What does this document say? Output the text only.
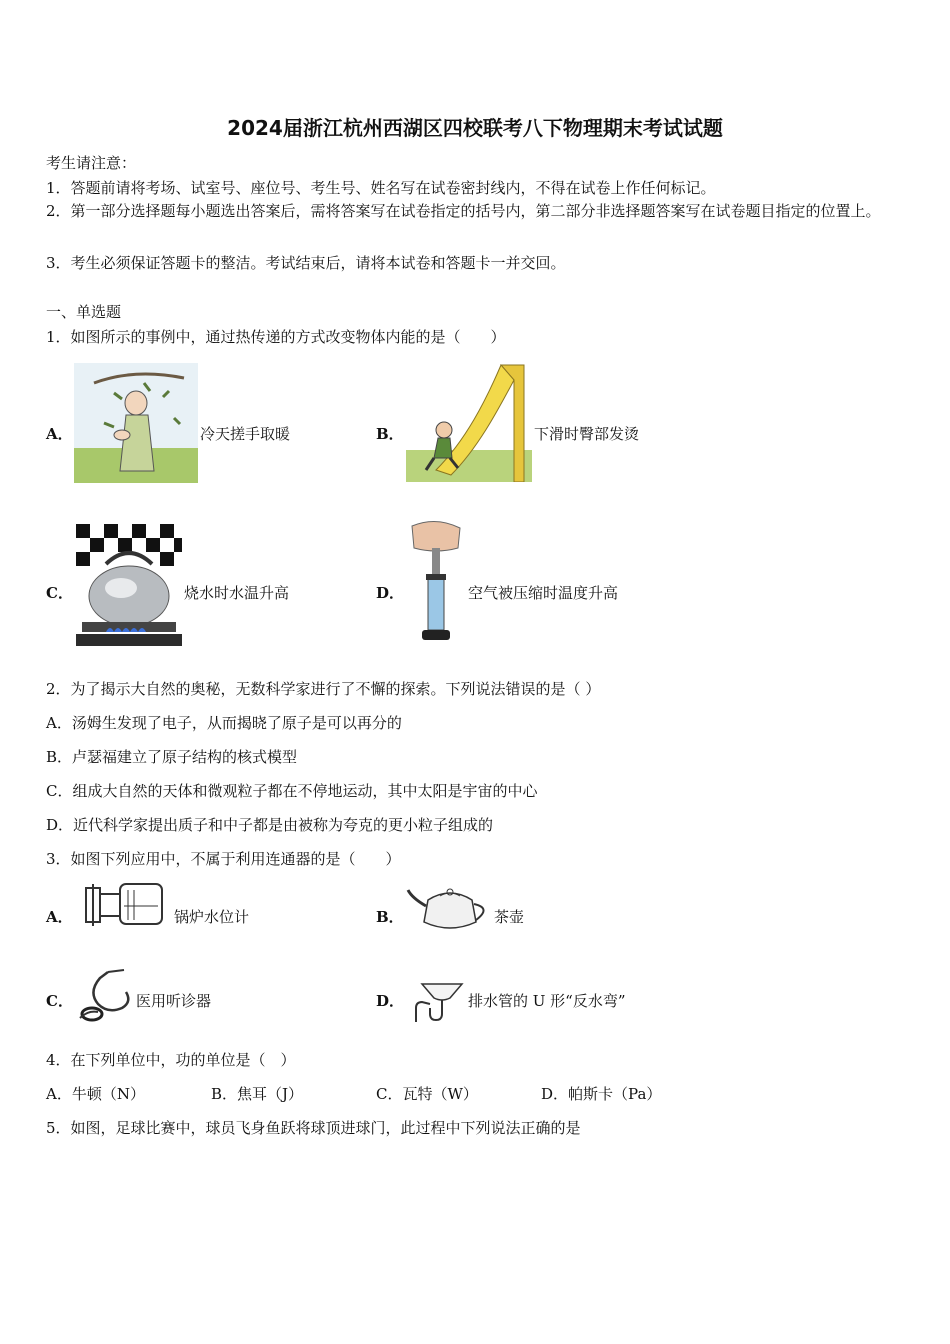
2024届浙江杭州西湖区四校联考八下物理期末考试试题
考生请注意：
1．答题前请将考场、试室号、座位号、考生号、姓名写在试卷密封线内，不得在试卷上作任何标记。
2．第一部分选择题每小题选出答案后，需将答案写在试卷指定的括号内，第二部分非选择题答案写在试卷题目指定的位置上。
3．考生必须保证答题卡的整洁。考试结束后，请将本试卷和答题卡一并交回。
一、单选题
1．如图所示的事例中，通过热传递的方式改变物体内能的是（　　）
A．	冷天搓手取暖	B．	下滑时臀部发烫
C．	烧水时水温升高	D．	空气被压缩时温度升高
2．为了揭示大自然的奥秘，无数科学家进行了不懈的探索。下列说法错误的是（ ）
A．汤姆生发现了电子，从而揭晓了原子是可以再分的
B．卢瑟福建立了原子结构的核式模型
C．组成大自然的天体和微观粒子都在不停地运动，其中太阳是宇宙的中心
D．近代科学家提出质子和中子都是由被称为夸克的更小粒子组成的
3．如图下列应用中，不属于利用连通器的是（　　）
A．	锅炉水位计	B．	茶壶
C．	医用听诊器	D．	排水管的 U 形“反水弯”
4．在下列单位中，功的单位是（　）
A．牛顿（N）	B．焦耳（J）	C．瓦特（W）	D．帕斯卡（Pa）
5．如图，足球比赛中，球员飞身鱼跃将球顶进球门，此过程中下列说法正确的是
